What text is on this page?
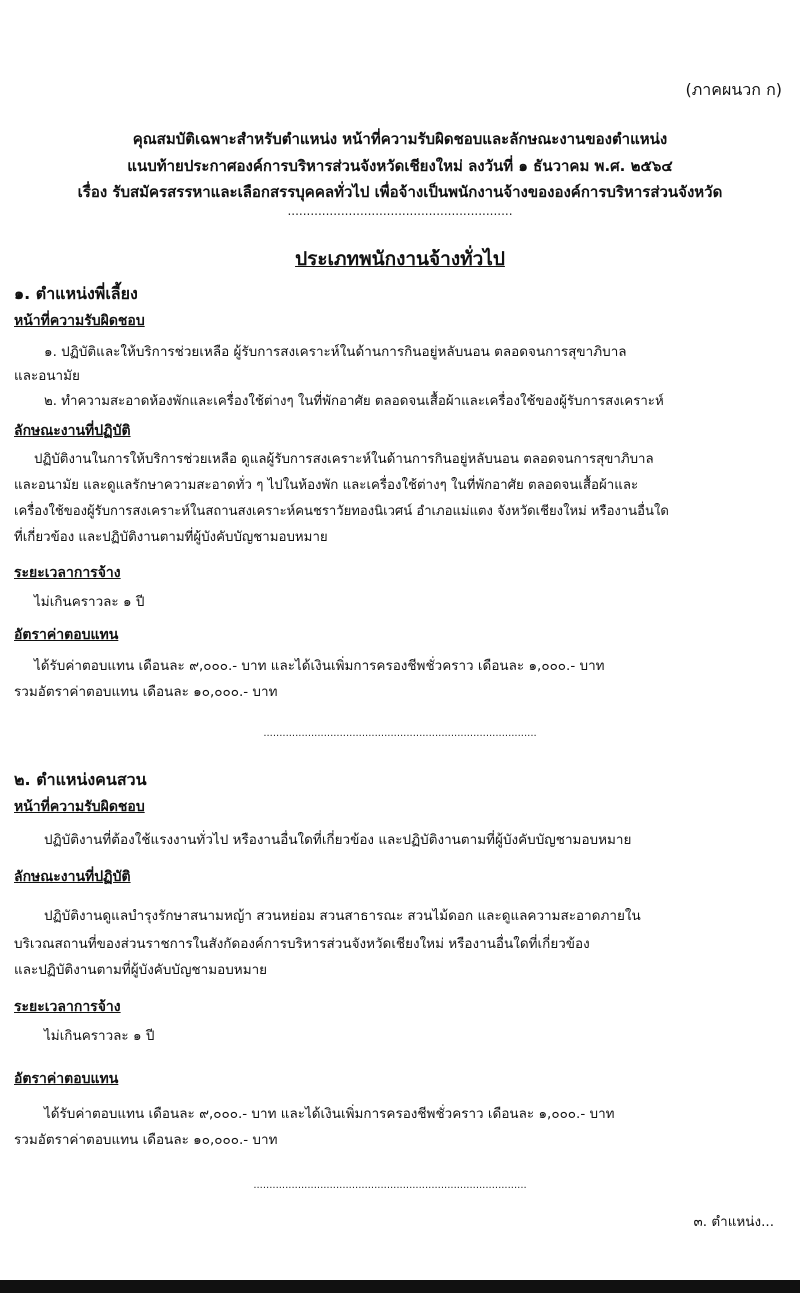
(ภาคผนวก ก)
คุณสมบัติเฉพาะสำหรับตำแหน่ง หน้าที่ความรับผิดชอบและลักษณะงานของตำแหน่ง
แนบท้ายประกาศองค์การบริหารส่วนจังหวัดเชียงใหม่ ลงวันที่ ๑ ธันวาคม พ.ศ. ๒๕๖๔
เรื่อง รับสมัครสรรหาและเลือกสรรบุคคลทั่วไป เพื่อจ้างเป็นพนักงานจ้างขององค์การบริหารส่วนจังหวัด
...........................................................
ประเภทพนักงานจ้างทั่วไป
๑. ตำแหน่งพี่เลี้ยง
หน้าที่ความรับผิดชอบ
๑. ปฏิบัติและให้บริการช่วยเหลือ ผู้รับการสงเคราะห์ในด้านการกินอยู่หลับนอน ตลอดจนการสุขาภิบาล
และอนามัย
๒. ทำความสะอาดห้องพักและเครื่องใช้ต่างๆ ในที่พักอาศัย ตลอดจนเสื้อผ้าและเครื่องใช้ของผู้รับการสงเคราะห์
ลักษณะงานที่ปฏิบัติ
ปฏิบัติงานในการให้บริการช่วยเหลือ ดูแลผู้รับการสงเคราะห์ในด้านการกินอยู่หลับนอน ตลอดจนการสุขาภิบาล
และอนามัย และดูแลรักษาความสะอาดทั่ว ๆ ไปในห้องพัก และเครื่องใช้ต่างๆ ในที่พักอาศัย ตลอดจนเสื้อผ้าและ
เครื่องใช้ของผู้รับการสงเคราะห์ในสถานสงเคราะห์คนชราวัยทองนิเวศน์ อำเภอแม่แตง จังหวัดเชียงใหม่ หรืองานอื่นใด
ที่เกี่ยวข้อง และปฏิบัติงานตามที่ผู้บังคับบัญชามอบหมาย
ระยะเวลาการจ้าง
ไม่เกินคราวละ ๑ ปี
อัตราค่าตอบแทน
ได้รับค่าตอบแทน เดือนละ ๙,๐๐๐.- บาท และได้เงินเพิ่มการครองชีพชั่วคราว เดือนละ ๑,๐๐๐.- บาท
รวมอัตราค่าตอบแทน เดือนละ ๑๐,๐๐๐.- บาท
......................................................................................
๒. ตำแหน่งคนสวน
หน้าที่ความรับผิดชอบ
ปฏิบัติงานที่ต้องใช้แรงงานทั่วไป หรืองานอื่นใดที่เกี่ยวข้อง และปฏิบัติงานตามที่ผู้บังคับบัญชามอบหมาย
ลักษณะงานที่ปฏิบัติ
ปฏิบัติงานดูแลบำรุงรักษาสนามหญ้า สวนหย่อม สวนสาธารณะ สวนไม้ดอก และดูแลความสะอาดภายใน
บริเวณสถานที่ของส่วนราชการในสังกัดองค์การบริหารส่วนจังหวัดเชียงใหม่ หรืองานอื่นใดที่เกี่ยวข้อง
และปฏิบัติงานตามที่ผู้บังคับบัญชามอบหมาย
ระยะเวลาการจ้าง
ไม่เกินคราวละ ๑ ปี
อัตราค่าตอบแทน
ได้รับค่าตอบแทน เดือนละ ๙,๐๐๐.- บาท และได้เงินเพิ่มการครองชีพชั่วคราว เดือนละ ๑,๐๐๐.- บาท
รวมอัตราค่าตอบแทน เดือนละ ๑๐,๐๐๐.- บาท
......................................................................................
๓. ตำแหน่ง...
